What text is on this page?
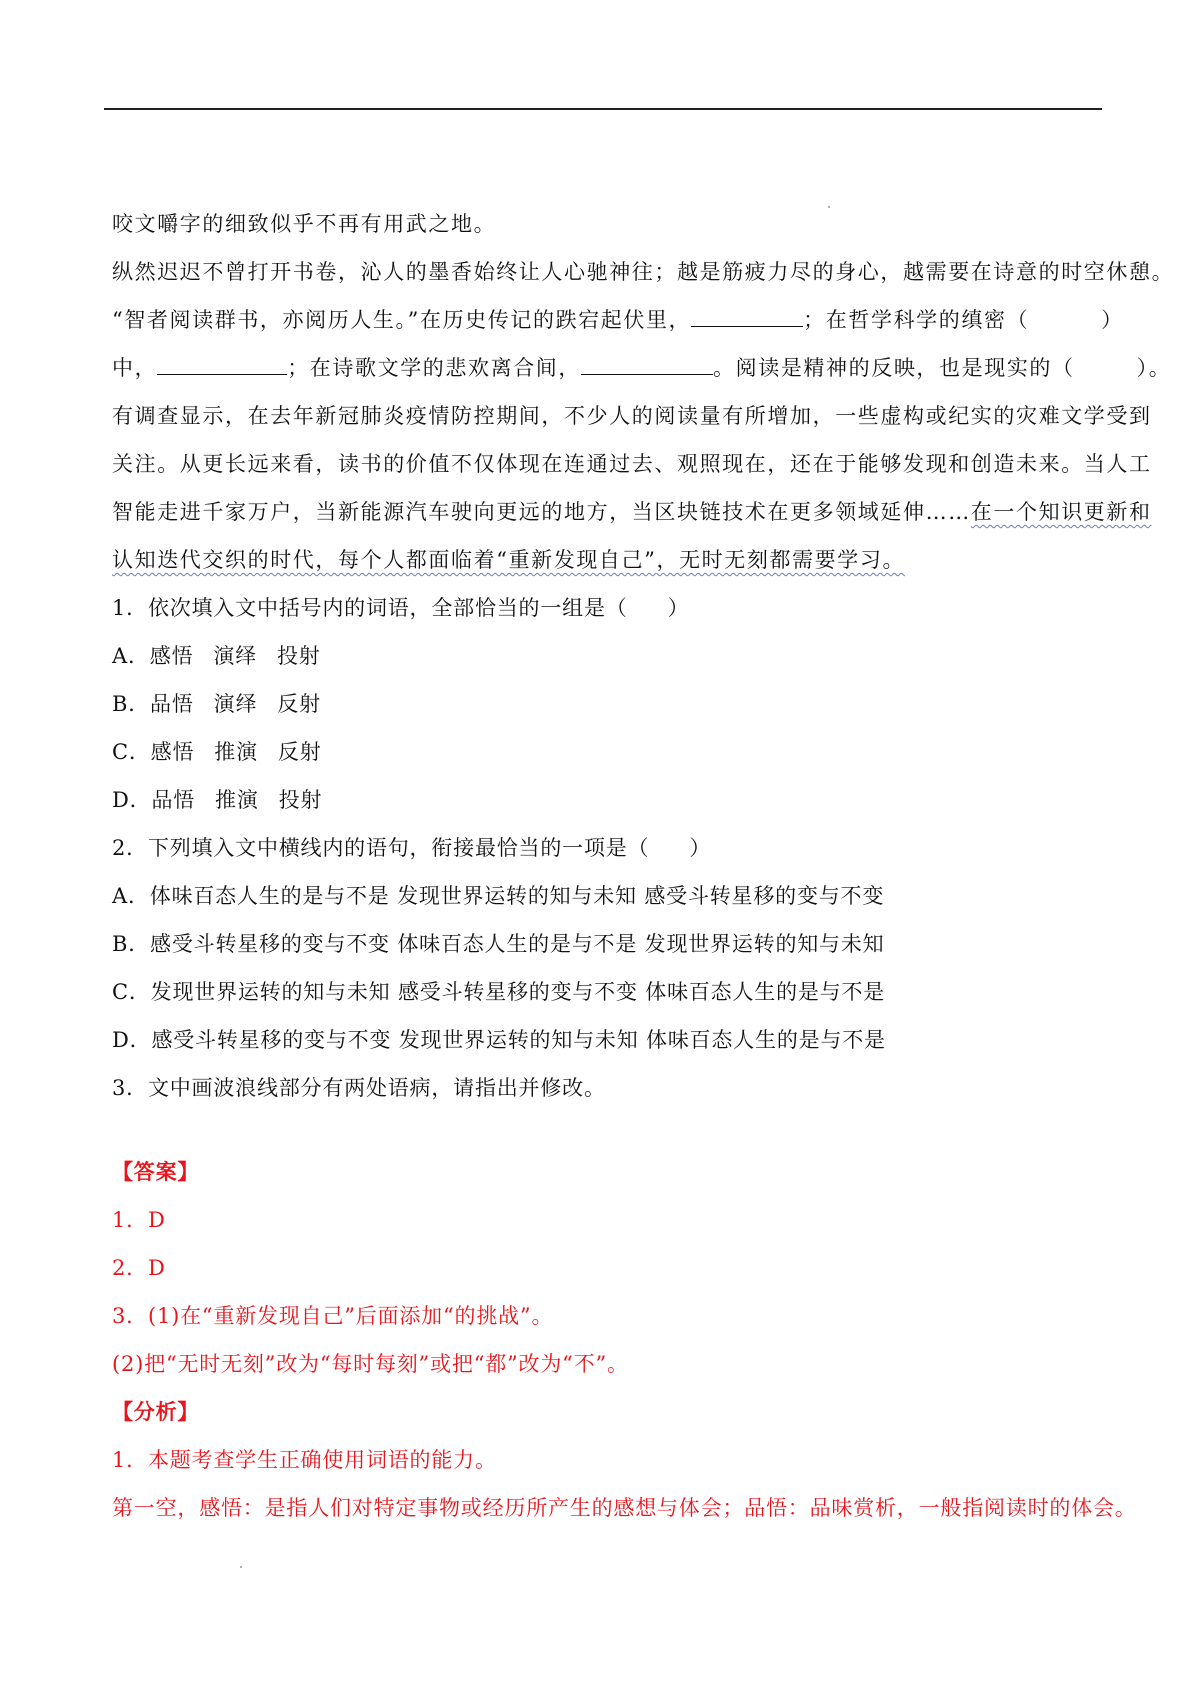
咬文嚼字的细致似乎不再有用武之地。
纵然迟迟不曾打开书卷，沁人的墨香始终让人心驰神往；越是筋疲力尽的身心，越需要在诗意的时空休憩。
“智者阅读群书，亦阅历人生。”在历史传记的跌宕起伏里，	；在哲学科学的缜密（	）
中，	；在诗歌文学的悲欢离合间，	。阅读是精神的反映，也是现实的（	）。
有调查显示，在去年新冠肺炎疫情防控期间，不少人的阅读量有所增加，一些虚构或纪实的灾难文学受到
关注。从更长远来看，读书的价值不仅体现在连通过去、观照现在，还在于能够发现和创造未来。当人工
智能走进千家万户，当新能源汽车驶向更远的地方，当区块链技术在更多领域延伸……在一个知识更新和
认知迭代交织的时代，每个人都面临着“重新发现自己”，无时无刻都需要学习。
1．依次填入文中括号内的词语，全部恰当的一组是（ ）
A．感悟 演绎 投射
B．品悟 演绎 反射
C．感悟 推演 反射
D．品悟 推演 投射
2．下列填入文中横线内的语句，衔接最恰当的一项是（ ）
A．体味百态人生的是与不是 发现世界运转的知与未知 感受斗转星移的变与不变
B．感受斗转星移的变与不变 体味百态人生的是与不是 发现世界运转的知与未知
C．发现世界运转的知与未知 感受斗转星移的变与不变 体味百态人生的是与不是
D．感受斗转星移的变与不变 发现世界运转的知与未知 体味百态人生的是与不是
3．文中画波浪线部分有两处语病，请指出并修改。
【答案】
1．D
2．D
3．(1)在“重新发现自己”后面添加“的挑战”。
(2)把“无时无刻”改为“每时每刻”或把“都”改为“不”。
【分析】
1．本题考查学生正确使用词语的能力。
第一空，感悟：是指人们对特定事物或经历所产生的感想与体会；品悟：品味赏析，一般指阅读时的体会。
